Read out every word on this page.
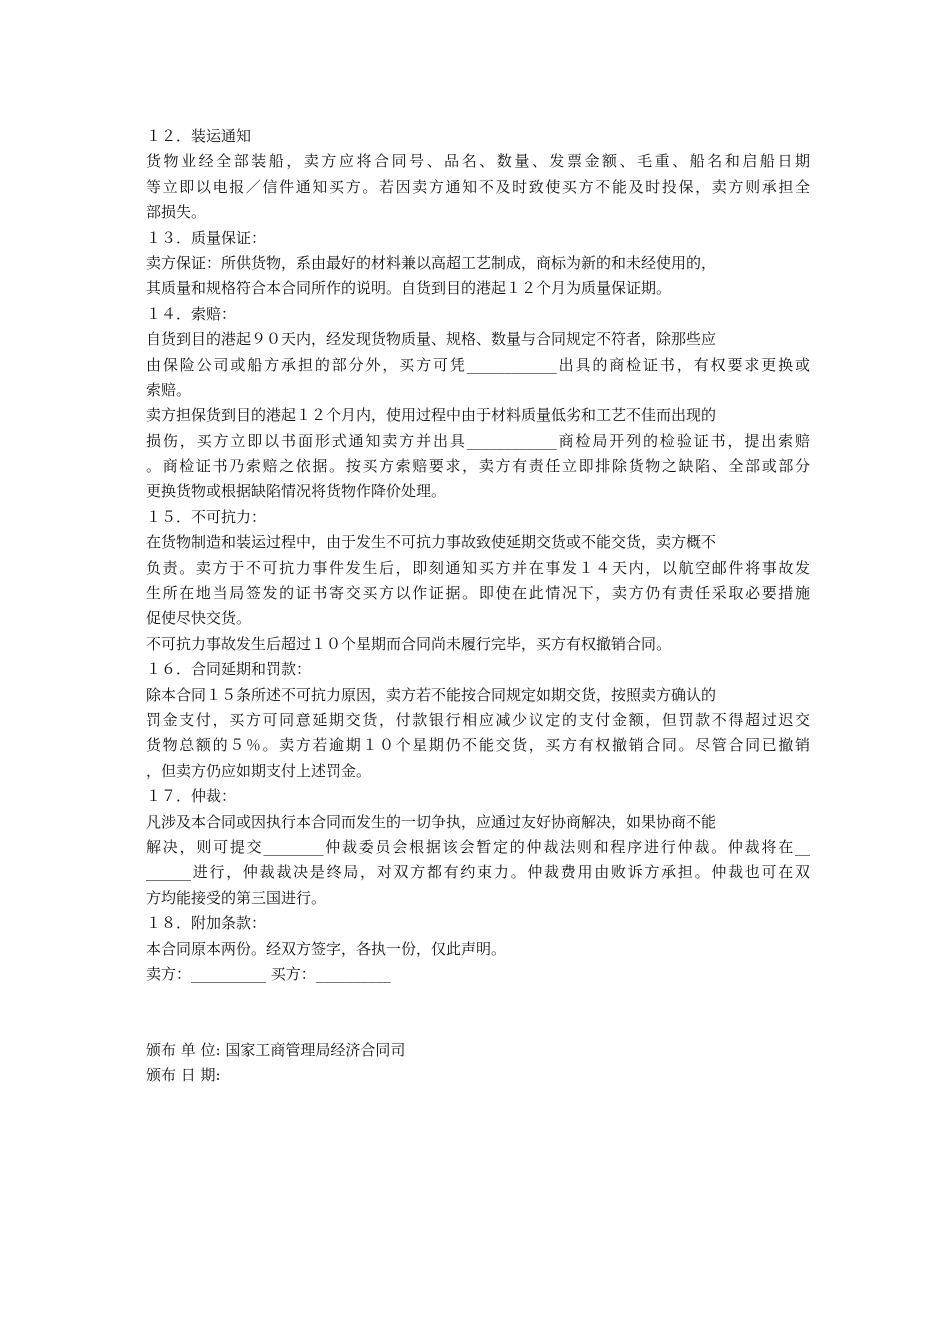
１２．装运通知
货物业经全部装船，卖方应将合同号、品名、数量、发票金额、毛重、船名和启船日期
等立即以电报／信件通知买方。若因卖方通知不及时致使买方不能及时投保，卖方则承担全
部损失。
１３．质量保证：
卖方保证：所供货物，系由最好的材料兼以高超工艺制成，商标为新的和未经使用的，
其质量和规格符合本合同所作的说明。自货到目的港起１２个月为质量保证期。
１４．索赔：
自货到目的港起９０天内，经发现货物质量、规格、数量与合同规定不符者，除那些应
由保险公司或船方承担的部分外，买方可凭____________出具的商检证书，有权要求更换或
索赔。
卖方担保货到目的港起１２个月内，使用过程中由于材料质量低劣和工艺不佳而出现的
损伤，买方立即以书面形式通知卖方并出具____________商检局开列的检验证书，提出索赔
。商检证书乃索赔之依据。按买方索赔要求，卖方有责任立即排除货物之缺陷、全部或部分
更换货物或根据缺陷情况将货物作降价处理。
１５．不可抗力：
在货物制造和装运过程中，由于发生不可抗力事故致使延期交货或不能交货，卖方概不
负责。卖方于不可抗力事件发生后，即刻通知买方并在事发１４天内，以航空邮件将事故发
生所在地当局签发的证书寄交买方以作证据。即使在此情况下，卖方仍有责任采取必要措施
促使尽快交货。
不可抗力事故发生后超过１０个星期而合同尚未履行完毕，买方有权撤销合同。
１６．合同延期和罚款：
除本合同１５条所述不可抗力原因，卖方若不能按合同规定如期交货，按照卖方确认的
罚金支付，买方可同意延期交货，付款银行相应减少议定的支付金额，但罚款不得超过迟交
货物总额的５％。卖方若逾期１０个星期仍不能交货，买方有权撤销合同。尽管合同已撤销
，但卖方仍应如期支付上述罚金。
１７．仲裁：
凡涉及本合同或因执行本合同而发生的一切争执，应通过友好协商解决，如果协商不能
解决，则可提交________仲裁委员会根据该会暂定的仲裁法则和程序进行仲裁。仲裁将在__
______进行，仲裁裁决是终局，对双方都有约束力。仲裁费用由败诉方承担。仲裁也可在双
方均能接受的第三国进行。
１８．附加条款：
本合同原本两份。经双方签字，各执一份，仅此声明。
卖方：__________ 买方：__________
颁布 单 位: 国家工商管理局经济合同司
颁布 日 期:
